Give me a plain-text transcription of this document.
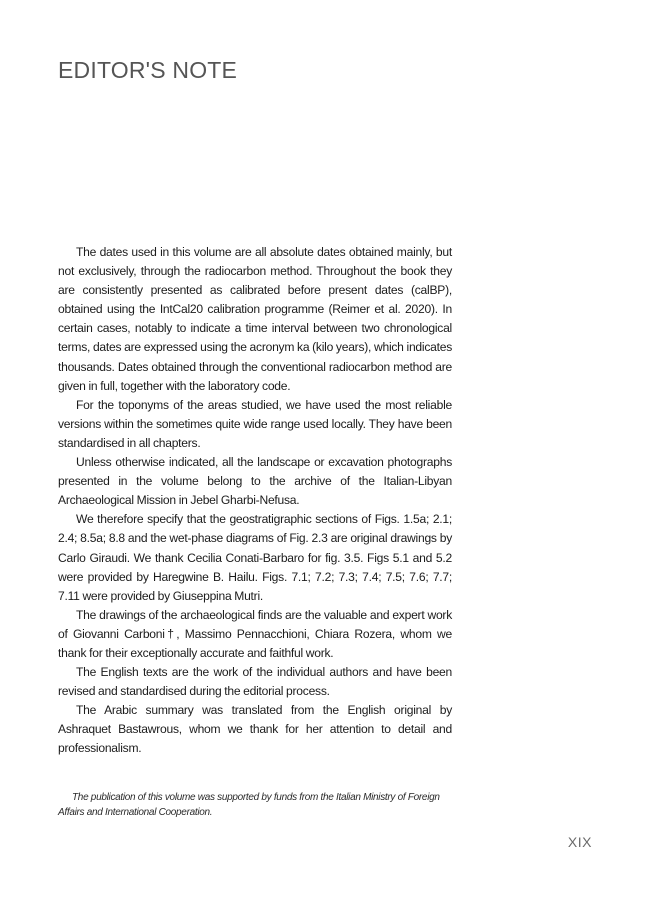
EDITOR'S NOTE

The dates used in this volume are all absolute dates obtained mainly, but not exclusively, through the radiocarbon method. Throughout the book they are consistently presented as calibrated before present dates (calBP), obtained using the IntCal20 calibration programme (Reimer et al. 2020). In certain cases, notably to indicate a time interval between two chronological terms, dates are expressed using the acronym ka (kilo years), which indicates thousands. Dates obtained through the conventional radiocarbon method are given in full, together with the laboratory code.

For the toponyms of the areas studied, we have used the most reliable versions within the sometimes quite wide range used locally. They have been standardised in all chapters.

Unless otherwise indicated, all the landscape or excavation photographs presented in the volume belong to the archive of the Italian-Libyan Archaeological Mission in Jebel Gharbi-Nefusa.

We therefore specify that the geostratigraphic sections of Figs. 1.5a; 2.1; 2.4; 8.5a; 8.8 and the wet-phase diagrams of Fig. 2.3 are original drawings by Carlo Giraudi. We thank Cecilia Conati-Barbaro for fig. 3.5. Figs 5.1 and 5.2 were provided by Haregwine B. Hailu. Figs. 7.1; 7.2; 7.3; 7.4; 7.5; 7.6; 7.7; 7.11 were provided by Giuseppina Mutri.

The drawings of the archaeological finds are the valuable and expert work of Giovanni Carboni†, Massimo Pennacchioni, Chiara Rozera, whom we thank for their exceptionally accurate and faithful work.

The English texts are the work of the individual authors and have been revised and standardised during the editorial process.

The Arabic summary was translated from the English original by Ashraquet Bastawrous, whom we thank for her attention to detail and professionalism.

The publication of this volume was supported by funds from the Italian Ministry of Foreign Affairs and International Cooperation.

XIX
